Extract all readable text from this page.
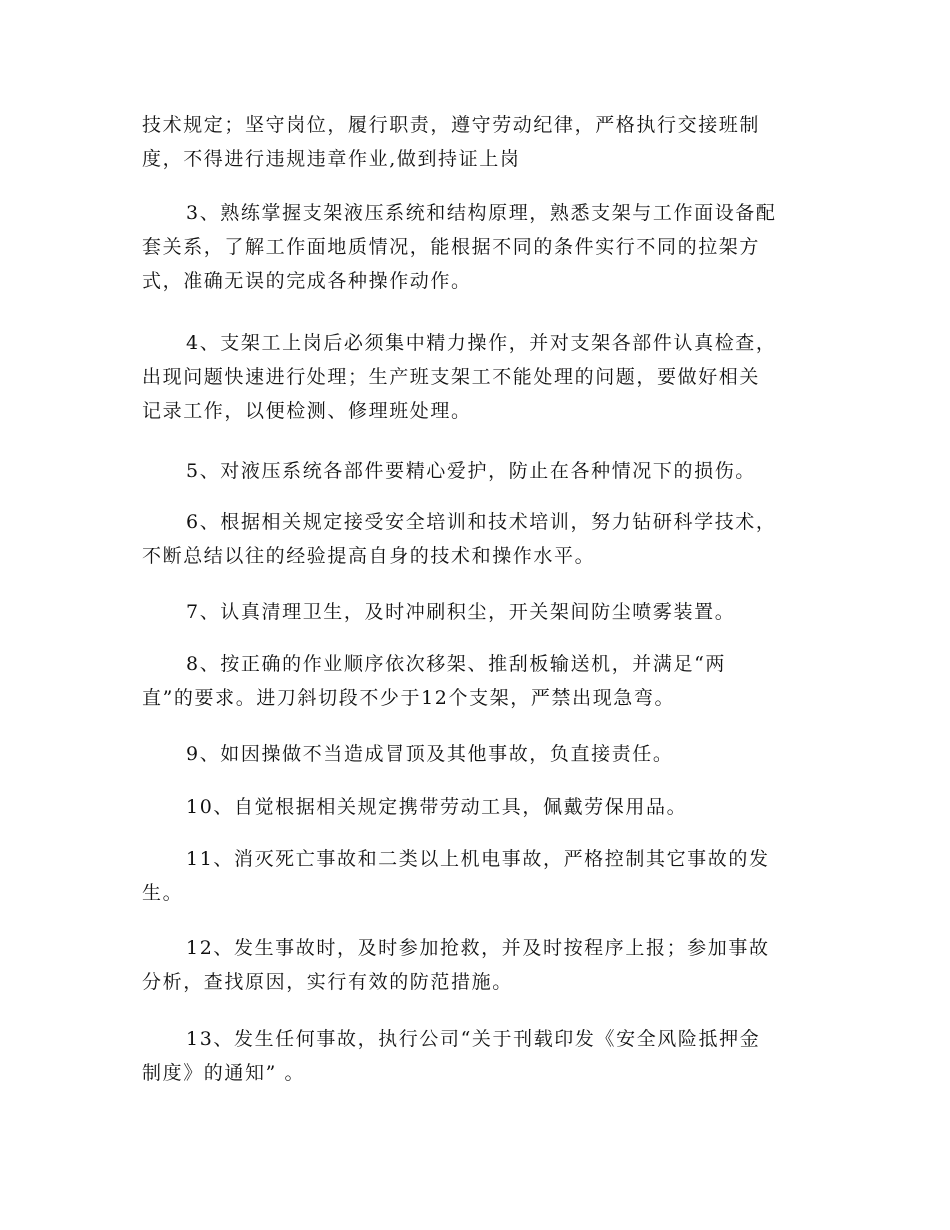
技术规定；坚守岗位，履行职责，遵守劳动纪律，严格执行交接班制
度，不得进行违规违章作业,做到持证上岗
3、熟练掌握支架液压系统和结构原理，熟悉支架与工作面设备配
套关系，了解工作面地质情况，能根据不同的条件实行不同的拉架方
式，准确无误的完成各种操作动作。
4、支架工上岗后必须集中精力操作，并对支架各部件认真检查，
出现问题快速进行处理；生产班支架工不能处理的问题，要做好相关
记录工作，以便检测、修理班处理。
5、对液压系统各部件要精心爱护，防止在各种情况下的损伤。
6、根据相关规定接受安全培训和技术培训，努力钻研科学技术，
不断总结以往的经验提高自身的技术和操作水平。
7、认真清理卫生，及时冲刷积尘，开关架间防尘喷雾装置。
8、按正确的作业顺序依次移架、推刮板输送机，并满足“两
直”的要求。进刀斜切段不少于12个支架，严禁出现急弯。
9、如因操做不当造成冒顶及其他事故，负直接责任。
10、自觉根据相关规定携带劳动工具，佩戴劳保用品。
11、消灭死亡事故和二类以上机电事故，严格控制其它事故的发
生。
12、发生事故时，及时参加抢救，并及时按程序上报；参加事故
分析，查找原因，实行有效的防范措施。
13、发生任何事故，执行公司“关于刊载印发《安全风险抵押金
制度》的通知” 。
